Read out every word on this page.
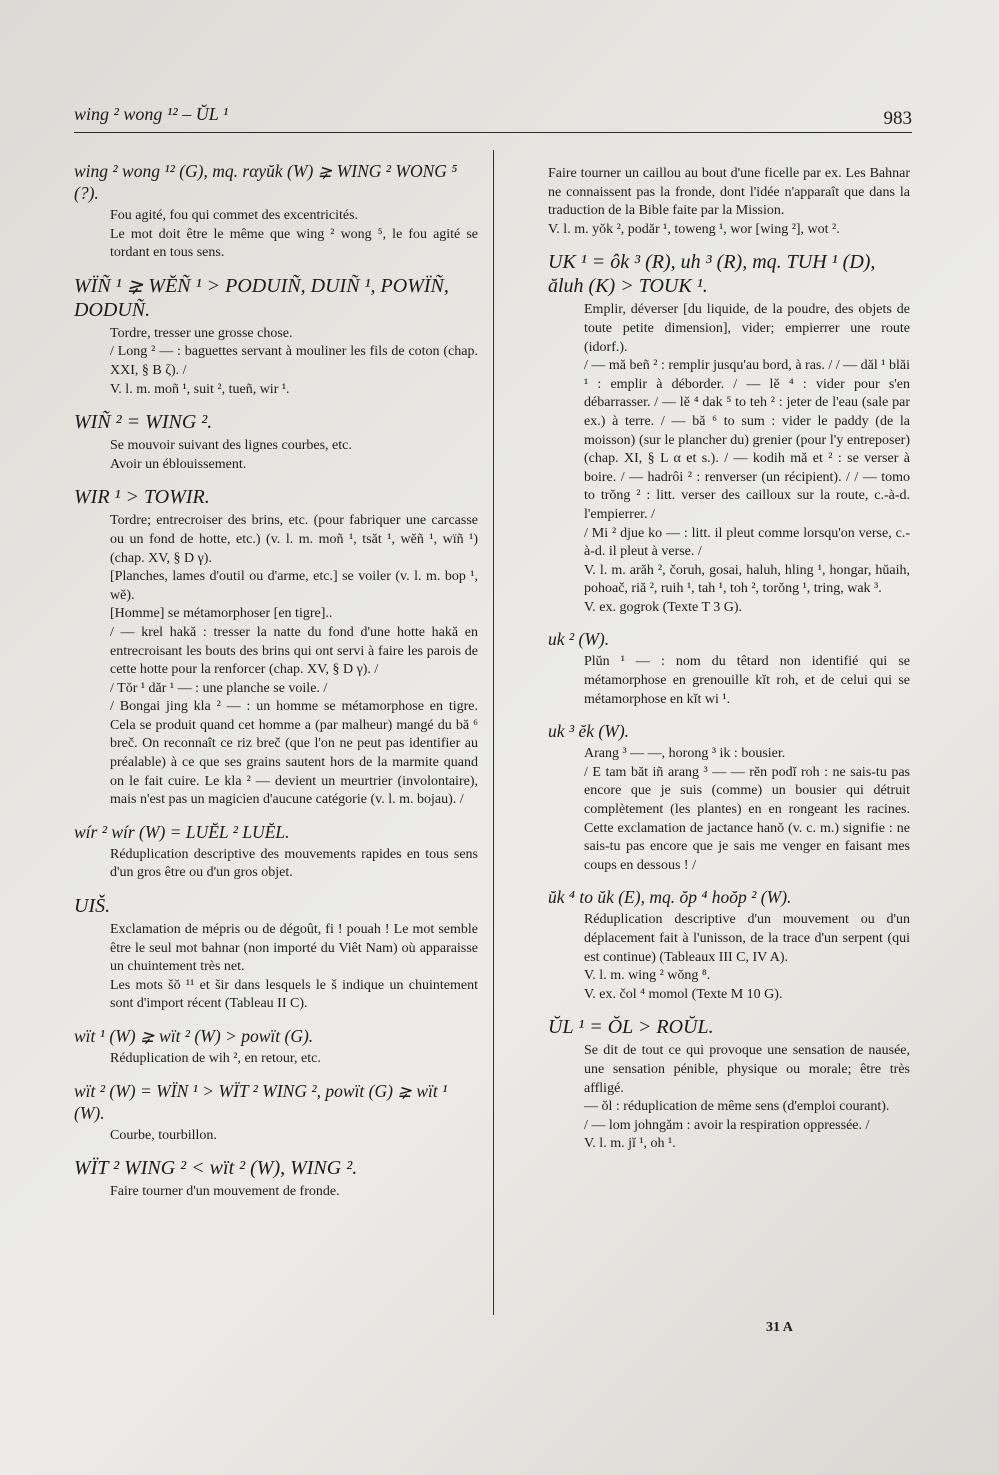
wing ² wong ¹² – ŬL ¹	983
wing ² wong ¹² (G), mq. rαyŭk (W) ⪈ WING ² WONG ⁵ (?).

Fou agité, fou qui commet des excentricités.

Le mot doit être le même que wing ² wong ⁵, le fou agité se tordant en tous sens.

WÏÑ ¹ ⪈ WĔÑ ¹ > PODUIÑ, DUIÑ ¹, POWÏÑ, DODUÑ.

Tordre, tresser une grosse chose.

/ Long ² — : baguettes servant à mouliner les fils de coton (chap. XXI, § B ζ). /

V. l. m. moñ ¹, suit ², tueñ, wir ¹.

WIÑ ² = WING ².

Se mouvoir suivant des lignes courbes, etc.

Avoir un éblouissement.

WIR ¹ > TOWIR.

Tordre; entrecroiser des brins, etc. (pour fabriquer une carcasse ou un fond de hotte, etc.) (v. l. m. moñ ¹, tsăt ¹, wĕñ ¹, wïñ ¹) (chap. XV, § D γ).

[Planches, lames d'outil ou d'arme, etc.] se voiler (v. l. m. bop ¹, wĕ).

[Homme] se métamorphoser [en tigre]..

/ — krel hakă : tresser la natte du fond d'une hotte hakă en entrecroisant les bouts des brins qui ont servi à faire les parois de cette hotte pour la renforcer (chap. XV, § D γ). /

/ Tŏr ¹ dăr ¹ — : une planche se voile. /

/ Bongai jing kla ² — : un homme se métamorphose en tigre. Cela se produit quand cet homme a (par malheur) mangé du bă ⁶ breč. On reconnaît ce riz breč (que l'on ne peut pas identifier au préalable) à ce que ses grains sautent hors de la marmite quand on le fait cuire. Le kla ² — devient un meurtrier (involontaire), mais n'est pas un magicien d'aucune catégorie (v. l. m. bojau). /

wír ² wír (W) = LUĔL ² LUĔL.

Réduplication descriptive des mouvements rapides en tous sens d'un gros être ou d'un gros objet.

UIŠ.

Exclamation de mépris ou de dégoût, fi ! pouah ! Le mot semble être le seul mot bahnar (non importé du Viêt Nam) où apparaisse un chuintement très net.

Les mots šŏ ¹¹ et šir dans lesquels le š indique un chuintement sont d'import récent (Tableau II C).

wït ¹ (W) ⪈ wït ² (W) > powït (G).

Réduplication de wih ², en retour, etc.

wït ² (W) = WÏN ¹ > WÏT ² WING ², powït (G) ⪈ wït ¹ (W).

Courbe, tourbillon.

WÏT ² WING ² < wït ² (W), WING ².

Faire tourner d'un mouvement de fronde.

Faire tourner un caillou au bout d'une ficelle par ex. Les Bahnar ne connaissent pas la fronde, dont l'idée n'apparaît que dans la traduction de la Bible faite par la Mission.

V. l. m. yŏk ², podăr ¹, toweng ¹, wor [wing ²], wot ².

UK ¹ = ôk ³ (R), uh ³ (R), mq. TUH ¹ (D), ăluh (K) > TOUK ¹.

Emplir, déverser [du liquide, de la poudre, des objets de toute petite dimension], vider; empierrer une route (idorf.).

/ — mă beñ ² : remplir jusqu'au bord, à ras. / / — dăl ¹ blăi ¹ : emplir à déborder. / — lĕ ⁴ : vider pour s'en débarrasser. / — lĕ ⁴ dak ⁵ to teh ² : jeter de l'eau (sale par ex.) à terre. / — bă ⁶ to sum : vider le paddy (de la moisson) (sur le plancher du) grenier (pour l'y entreposer) (chap. XI, § L α et s.). / — kodih mă et ² : se verser à boire. / — hadrôi ² : renverser (un récipient). / / — tomo to trŏng ² : litt. verser des cailloux sur la route, c.-à-d. l'empierrer. /

/ Mi ² djue ko — : litt. il pleut comme lorsqu'on verse, c.-à-d. il pleut à verse. /

V. l. m. arăh ², čoruh, gosai, haluh, hling ¹, hongar, hŭaih, pohoač, riă ², ruih ¹, tah ¹, toh ², torŏng ¹, tring, wak ³.

V. ex. gogrok (Texte T 3 G).

uk ² (W).

Plŭn ¹ — : nom du têtard non identifié qui se métamorphose en grenouille kĭt roh, et de celui qui se métamorphose en kĭt wi ¹.

uk ³ ĕk (W).

Arang ³ — —, horong ³ ik : bousier.

/ E tam băt iñ arang ³ — — rĕn podĭ roh : ne sais-tu pas encore que je suis (comme) un bousier qui détruit complètement (les plantes) en en rongeant les racines. Cette exclamation de jactance hanŏ (v. c. m.) signifie : ne sais-tu pas encore que je sais me venger en faisant mes coups en dessous ! /

ŭk ⁴ to ŭk (E), mq. ŏp ⁴ hoŏp ² (W).

Réduplication descriptive d'un mouvement ou d'un déplacement fait à l'unisson, de la trace d'un serpent (qui est continue) (Tableaux III C, IV A).

V. l. m. wing ² wŏng ⁸.

V. ex. čol ⁴ momol (Texte M 10 G).

ŬL ¹ = ŎL > ROŬL.

Se dit de tout ce qui provoque une sensation de nausée, une sensation pénible, physique ou morale; être très affligé.

— ŏl : réduplication de même sens (d'emploi courant).

/ — lom johngăm : avoir la respiration oppressée. /

V. l. m. jĭ ¹, oh ¹.

31 A
